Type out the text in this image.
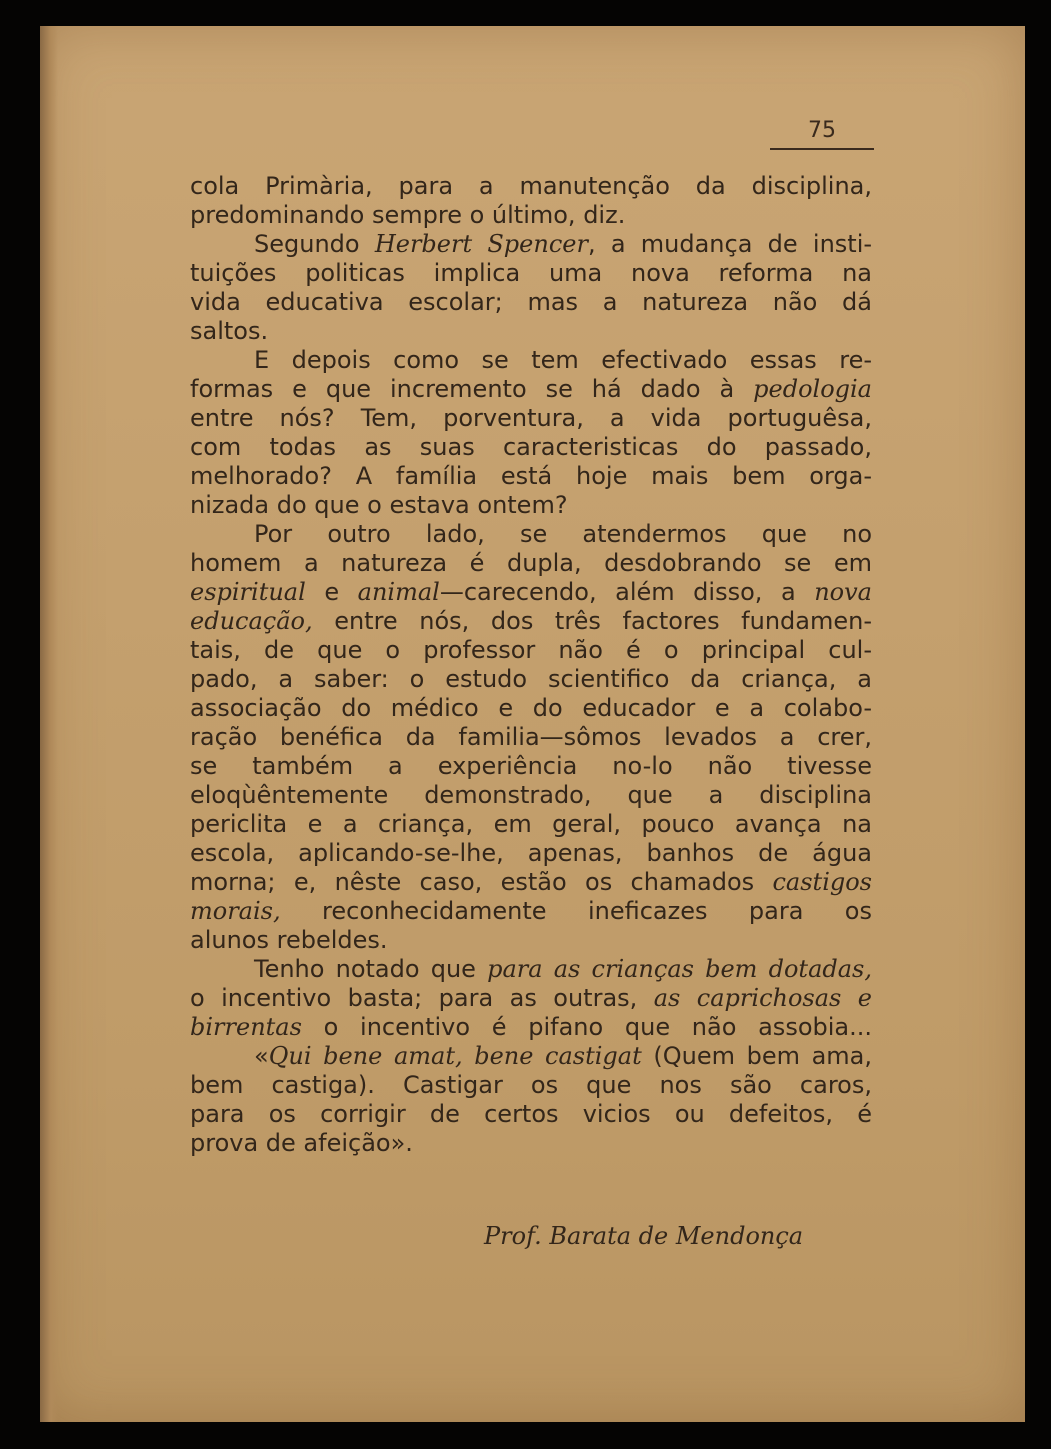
75
cola Primària, para a manutenção da disciplina,
predominando sempre o último, diz.
Segundo Herbert Spencer, a mudança de insti-
tuições politicas implica uma nova reforma na
vida educativa escolar; mas a natureza não dá
saltos.
E depois como se tem efectivado essas re-
formas e que incremento se há dado à pedologia
entre nós? Tem, porventura, a vida portuguêsa,
com todas as suas caracteristicas do passado,
melhorado? A família está hoje mais bem orga-
nizada do que o estava ontem?
Por outro lado, se atendermos que no
homem a natureza é dupla, desdobrando se em
espiritual e animal—carecendo, além disso, a nova
educação, entre nós, dos três factores fundamen-
tais, de que o professor não é o principal cul-
pado, a saber: o estudo scientifico da criança, a
associação do médico e do educador e a colabo-
ração benéfica da familia—sômos levados a crer,
se também a experiência no-lo não tivesse
eloqùêntemente demonstrado, que a disciplina
periclita e a criança, em geral, pouco avança na
escola, aplicando-se-lhe, apenas, banhos de água
morna; e, nêste caso, estão os chamados castigos
morais, reconhecidamente ineficazes para os
alunos rebeldes.
Tenho notado que para as crianças bem dotadas,
o incentivo basta; para as outras, as caprichosas e
birrentas o incentivo é pifano que não assobia...
«Qui bene amat, bene castigat (Quem bem ama,
bem castiga). Castigar os que nos são caros,
para os corrigir de certos vicios ou defeitos, é
prova de afeição».
Prof. Barata de Mendonça
